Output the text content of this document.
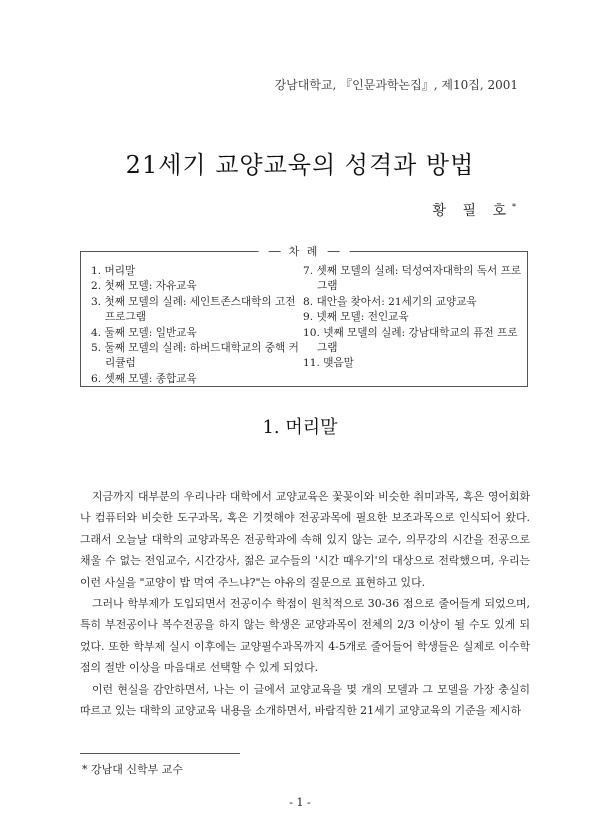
강남대학교, 『인문과학논집』, 제10집, 2001
21세기 교양교육의 성격과 방법
황 필 호*
차 례
1. 머리말
2. 첫째 모델: 자유교육
3. 첫째 모델의 실례: 세인트존스대학의 고전 프로그램
4. 둘째 모델: 일반교육
5. 둘째 모델의 실례: 하버드대학교의 중핵 커리큘럼
6. 셋째 모델: 종합교육
7. 셋째 모델의 실례: 덕성여자대학의 독서 프로그램
8. 대안을 찾아서: 21세기의 교양교육
9. 넷째 모델: 전인교육
10. 넷째 모델의 실례: 강남대학교의 퓨전 프로그램
11. 맺음말
1. 머리말

지금까지 대부분의 우리나라 대학에서 교양교육은 꽃꽂이와 비슷한 취미과목, 혹은 영어회화나 컴퓨터와 비슷한 도구과목, 혹은 기껏해야 전공과목에 필요한 보조과목으로 인식되어 왔다. 그래서 오늘날 대학의 교양과목은 전공학과에 속해 있지 않는 교수, 의무강의 시간을 전공으로 채울 수 없는 전임교수, 시간강사, 젊은 교수들의 '시간 때우기'의 대상으로 전락했으며, 우리는 이런 사실을 "교양이 밥 먹여 주느냐?"는 야유의 질문으로 표현하고 있다.

그러나 학부제가 도입되면서 전공이수 학점이 원칙적으로 30-36 점으로 줄어들게 되었으며, 특히 부전공이나 복수전공을 하지 않는 학생은 교양과목이 전체의 2/3 이상이 될 수도 있게 되었다. 또한 학부제 실시 이후에는 교양필수과목까지 4-5개로 줄어들어 학생들은 실제로 이수학점의 절반 이상을 마음대로 선택할 수 있게 되었다.

이런 현실을 감안하면서, 나는 이 글에서 교양교육을 몇 개의 모델과 그 모델을 가장 충실히 따르고 있는 대학의 교양교육 내용을 소개하면서, 바람직한 21세기 교양교육의 기준을 제시하

* 강남대 신학부 교수
- 1 -
